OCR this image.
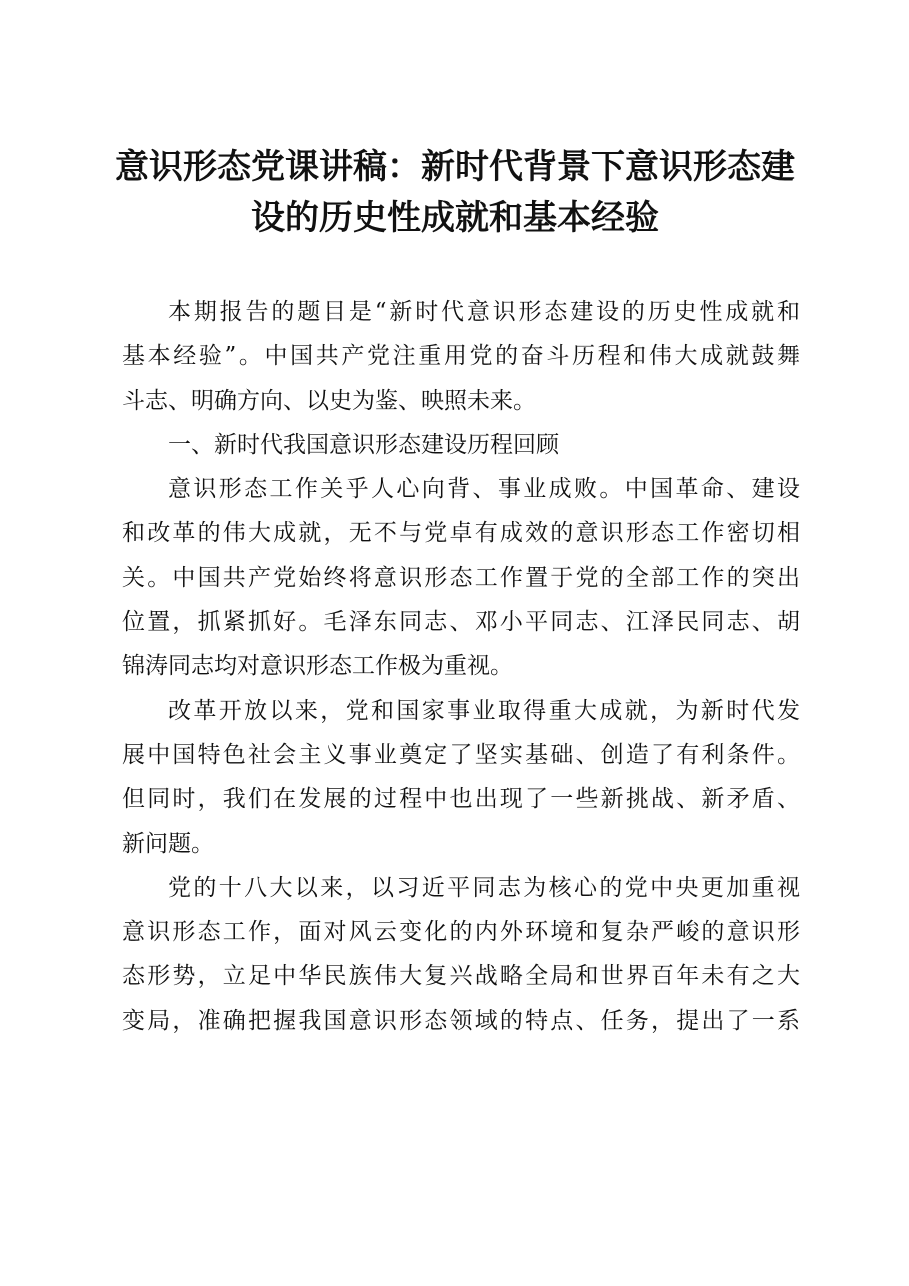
意识形态党课讲稿：新时代背景下意识形态建
设的历史性成就和基本经验

本期报告的题目是“新时代意识形态建设的历史性成就和
基本经验”。中国共产党注重用党的奋斗历程和伟大成就鼓舞
斗志、明确方向、以史为鉴、映照未来。

一、新时代我国意识形态建设历程回顾

意识形态工作关乎人心向背、事业成败。中国革命、建设
和改革的伟大成就，无不与党卓有成效的意识形态工作密切相
关。中国共产党始终将意识形态工作置于党的全部工作的突出
位置，抓紧抓好。毛泽东同志、邓小平同志、江泽民同志、胡
锦涛同志均对意识形态工作极为重视。

改革开放以来，党和国家事业取得重大成就，为新时代发
展中国特色社会主义事业奠定了坚实基础、创造了有利条件。
但同时，我们在发展的过程中也出现了一些新挑战、新矛盾、
新问题。

党的十八大以来，以习近平同志为核心的党中央更加重视
意识形态工作，面对风云变化的内外环境和复杂严峻的意识形
态形势，立足中华民族伟大复兴战略全局和世界百年未有之大
变局，准确把握我国意识形态领域的特点、任务，提出了一系
